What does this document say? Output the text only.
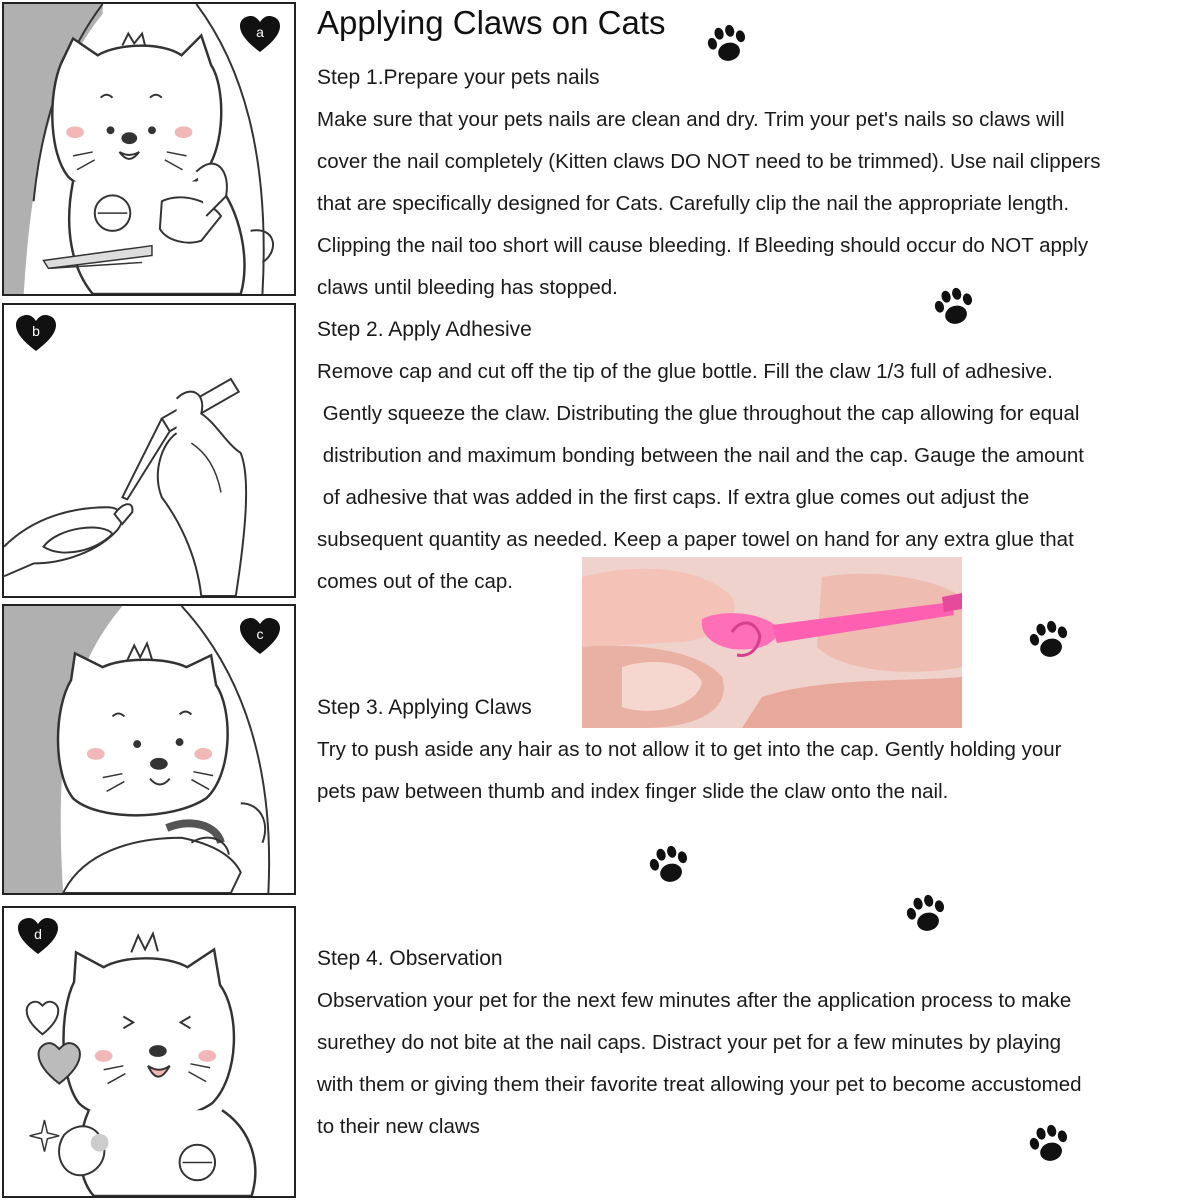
a
b
c
d
Applying Claws on Cats
Step 1.Prepare your pets nails
Make sure that your pets nails are clean and dry. Trim your pet's nails so claws will
cover the nail completely (Kitten claws DO NOT need to be trimmed). Use nail clippers
that are specifically designed for Cats. Carefully clip the nail the appropriate length.
Clipping the nail too short will cause bleeding. If Bleeding should occur do NOT apply
claws until bleeding has stopped.
Step 2. Apply Adhesive
Remove cap and cut off the tip of the glue bottle. Fill the claw 1/3 full of adhesive.
Gently squeeze the claw. Distributing the glue throughout the cap allowing for equal
distribution and maximum bonding between the nail and the cap. Gauge the amount
of adhesive that was added in the first caps. If extra glue comes out adjust the
subsequent quantity as needed. Keep a paper towel on hand for any extra glue that
comes out of the cap.
Step 3. Applying Claws
Try to push aside any hair as to not allow it to get into the cap. Gently holding your
pets paw between thumb and index finger slide the claw onto the nail.
Step 4. Observation
Observation your pet for the next few minutes after the application process to make
surethey do not bite at the nail caps. Distract your pet for a few minutes by playing
with them or giving them their favorite treat allowing your pet to become accustomed
to their new claws
